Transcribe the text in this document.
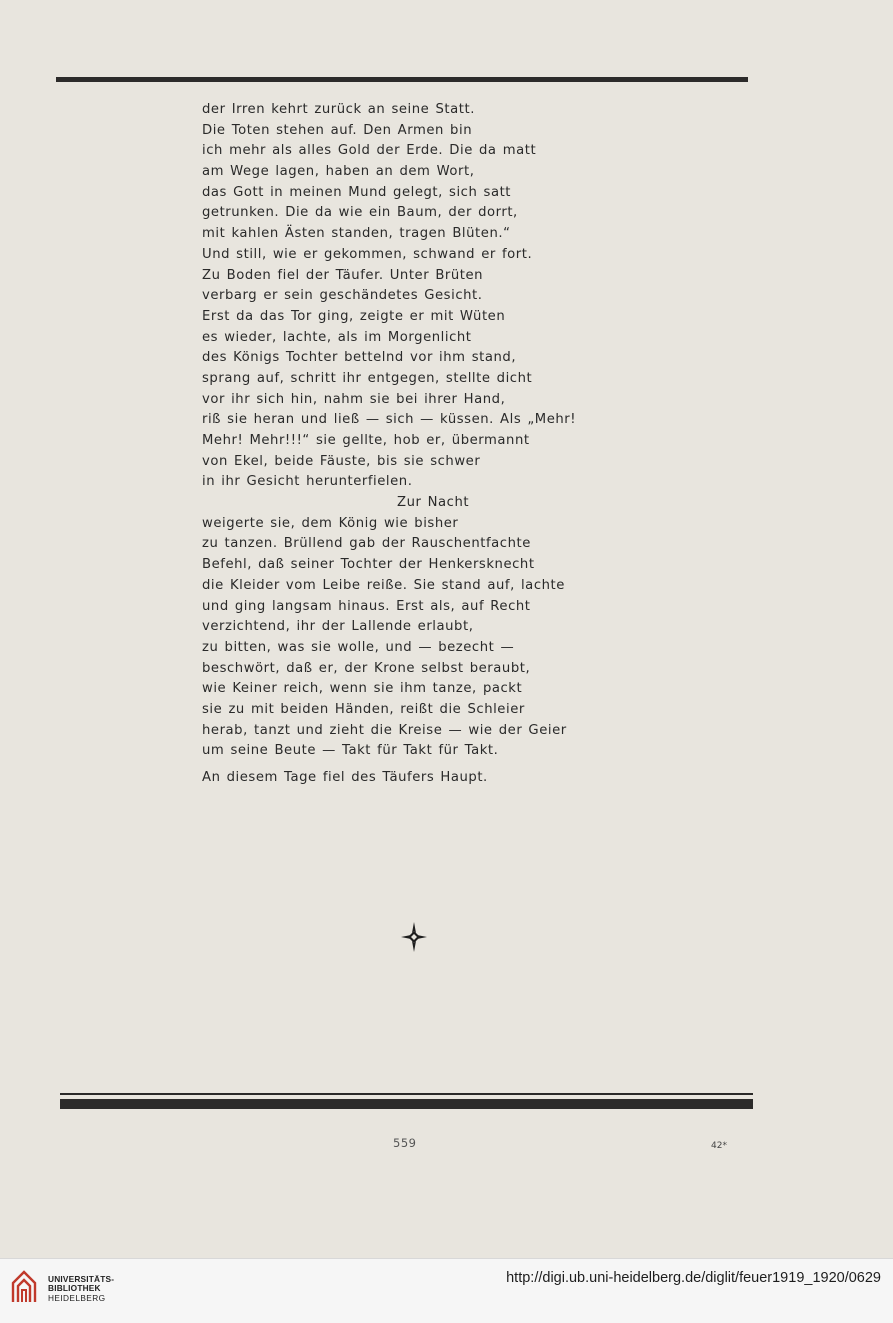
der Irren kehrt zurück an seine Statt.
Die Toten stehen auf. Den Armen bin
ich mehr als alles Gold der Erde. Die da matt
am Wege lagen, haben an dem Wort,
das Gott in meinen Mund gelegt, sich satt
getrunken. Die da wie ein Baum, der dorrt,
mit kahlen Ästen standen, tragen Blüten.“
Und still, wie er gekommen, schwand er fort.
Zu Boden fiel der Täufer. Unter Brüten
verbarg er sein geschändetes Gesicht.
Erst da das Tor ging, zeigte er mit Wüten
es wieder, lachte, als im Morgenlicht
des Königs Tochter bettelnd vor ihm stand,
sprang auf, schritt ihr entgegen, stellte dicht
vor ihr sich hin, nahm sie bei ihrer Hand,
riß sie heran und ließ — sich — küssen. Als „Mehr!
Mehr! Mehr!!!“ sie gellte, hob er, übermannt
von Ekel, beide Fäuste, bis sie schwer
in ihr Gesicht herunterfielen.
Zur Nacht
weigerte sie, dem König wie bisher
zu tanzen. Brüllend gab der Rauschentfachte
Befehl, daß seiner Tochter der Henkersknecht
die Kleider vom Leibe reiße. Sie stand auf, lachte
und ging langsam hinaus. Erst als, auf Recht
verzichtend, ihr der Lallende erlaubt,
zu bitten, was sie wolle, und — bezecht —
beschwört, daß er, der Krone selbst beraubt,
wie Keiner reich, wenn sie ihm tanze, packt
sie zu mit beiden Händen, reißt die Schleier
herab, tanzt und zieht die Kreise — wie der Geier
um seine Beute — Takt für Takt für Takt.
An diesem Tage fiel des Täufers Haupt.
559	42*
UNIVERSITÄTS-
BIBLIOTHEK
HEIDELBERG
http://digi.ub.uni-heidelberg.de/diglit/feuer1919_1920/0629
